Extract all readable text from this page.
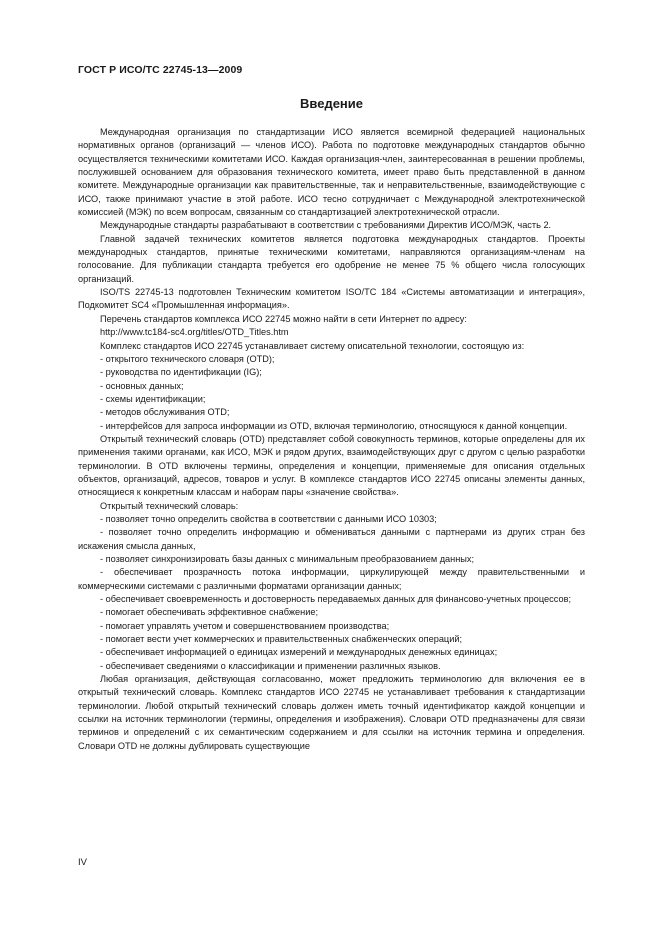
ГОСТ Р ИСО/ТС 22745-13—2009
Введение

Международная организация по стандартизации ИСО является всемирной федерацией национальных нормативных органов (организаций — членов ИСО). Работа по подготовке международных стандартов обычно осуществляется техническими комитетами ИСО. Каждая организация-член, заинтересованная в решении проблемы, послужившей основанием для образования технического комитета, имеет право быть представленной в данном комитете. Международные организации как правительственные, так и неправительственные, взаимодействующие с ИСО, также принимают участие в этой работе. ИСО тесно сотрудничает с Международной электротехнической комиссией (МЭК) по всем вопросам, связанным со стандартизацией электротехнической отрасли.

Международные стандарты разрабатывают в соответствии с требованиями Директив ИСО/МЭК, часть 2.

Главной задачей технических комитетов является подготовка международных стандартов. Проекты международных стандартов, принятые техническими комитетами, направляются организациям-членам на голосование. Для публикации стандарта требуется его одобрение не менее 75 % общего числа голосующих организаций.

ISO/TS 22745-13 подготовлен Техническим комитетом ISO/TC 184 «Системы автоматизации и интеграция», Подкомитет SC4 «Промышленная информация».

Перечень стандартов комплекса ИСО 22745 можно найти в сети Интернет по адресу:

http://www.tc184-sc4.org/titles/OTD_Titles.htm

Комплекс стандартов ИСО 22745 устанавливает систему описательной технологии, состоящую из:

- открытого технического словаря (OTD);

- руководства по идентификации (IG);

- основных данных;

- схемы идентификации;

- методов обслуживания OTD;

- интерфейсов для запроса информации из OTD, включая терминологию, относящуюся к данной концепции.

Открытый технический словарь (OTD) представляет собой совокупность терминов, которые определены для их применения такими органами, как ИСО, МЭК и рядом других, взаимодействующих друг с другом с целью разработки терминологии. В OTD включены термины, определения и концепции, применяемые для описания отдельных объектов, организаций, адресов, товаров и услуг. В комплексе стандартов ИСО 22745 описаны элементы данных, относящиеся к конкретным классам и наборам пары «значение свойства».

Открытый технический словарь:

- позволяет точно определить свойства в соответствии с данными ИСО 10303;

- позволяет точно определить информацию и обмениваться данными с партнерами из других стран без искажения смысла данных,

- позволяет синхронизировать базы данных с минимальным преобразованием данных;

- обеспечивает прозрачность потока информации, циркулирующей между правительственными и коммерческими системами с различными форматами организации данных;

- обеспечивает своевременность и достоверность передаваемых данных для финансово-учетных процессов;

- помогает обеспечивать эффективное снабжение;

- помогает управлять учетом и совершенствованием производства;

- помогает вести учет коммерческих и правительственных снабженческих операций;

- обеспечивает информацией о единицах измерений и международных денежных единицах;

- обеспечивает сведениями о классификации и применении различных языков.

Любая организация, действующая согласованно, может предложить терминологию для включения ее в открытый технический словарь. Комплекс стандартов ИСО 22745 не устанавливает требования к стандартизации терминологии. Любой открытый технический словарь должен иметь точный идентификатор каждой концепции и ссылки на источник терминологии (термины, определения и изображения). Словари OTD предназначены для связи терминов и определений с их семантическим содержанием и для ссылки на источник термина и определения. Словари OTD не должны дублировать существующие

IV
